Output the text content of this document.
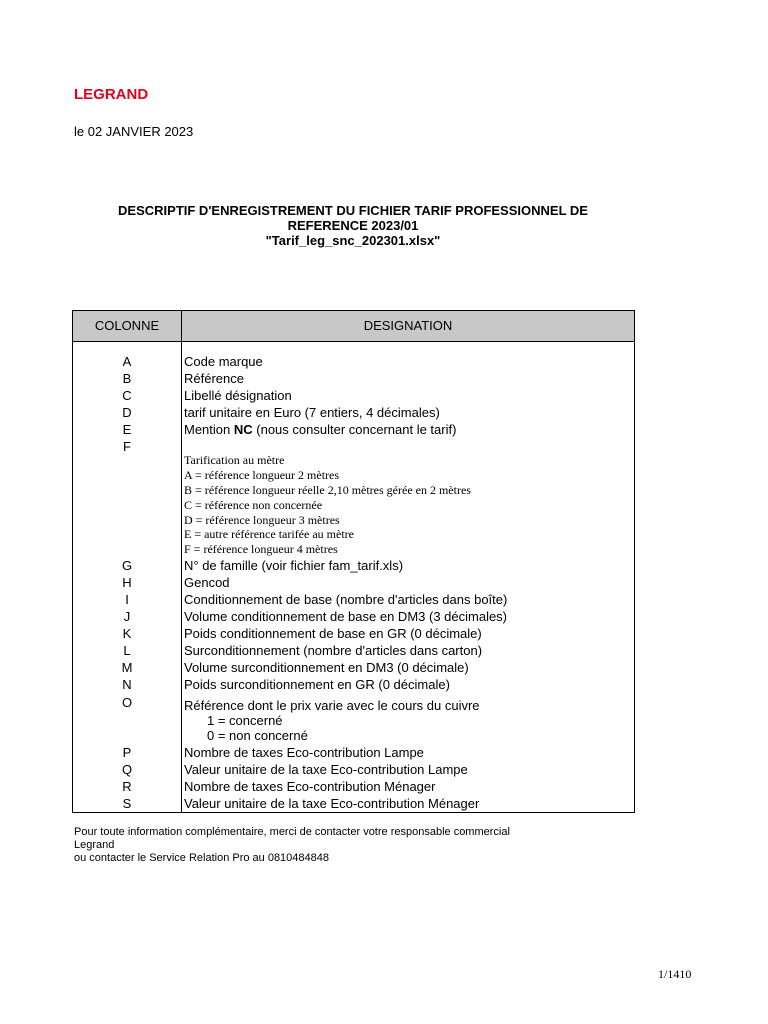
LEGRAND
le 02 JANVIER 2023
DESCRIPTIF D'ENREGISTREMENT DU FICHIER TARIF PROFESSIONNEL DE
REFERENCE 2023/01
"Tarif_leg_snc_202301.xlsx"
COLONNE	DESIGNATION
A
B
C
D
E
F
G
H
I
J
K
L
M
N
O
P
Q
R
S
Code marque
Référence
Libellé désignation
tarif unitaire en Euro (7 entiers, 4 décimales)
Mention NC (nous consulter concernant le tarif)
Tarification au mètre
A = référence longueur 2 mètres
B = référence longueur réelle 2,10 mètres gérée en 2 mètres
C = référence non concernée
D = référence longueur 3 mètres
E = autre référence tarifée au mètre
F = référence longueur 4 mètres
N° de famille (voir fichier fam_tarif.xls)
Gencod
Conditionnement de base (nombre d'articles dans boîte)
Volume conditionnement de base en DM3 (3 décimales)
Poids conditionnement de base en GR (0 décimale)
Surconditionnement (nombre d'articles dans carton)
Volume surconditionnement en DM3 (0 décimale)
Poids surconditionnement en GR (0 décimale)
Référence dont le prix varie avec le cours du cuivre
1 = concerné
0 = non concerné
Nombre de taxes Eco-contribution Lampe
Valeur unitaire de la taxe Eco-contribution Lampe
Nombre de taxes Eco-contribution Ménager
Valeur unitaire de la taxe Eco-contribution Ménager
Pour toute information complémentaire, merci de contacter votre responsable commercial
Legrand
ou contacter le Service Relation Pro au 0810484848
1/1410
